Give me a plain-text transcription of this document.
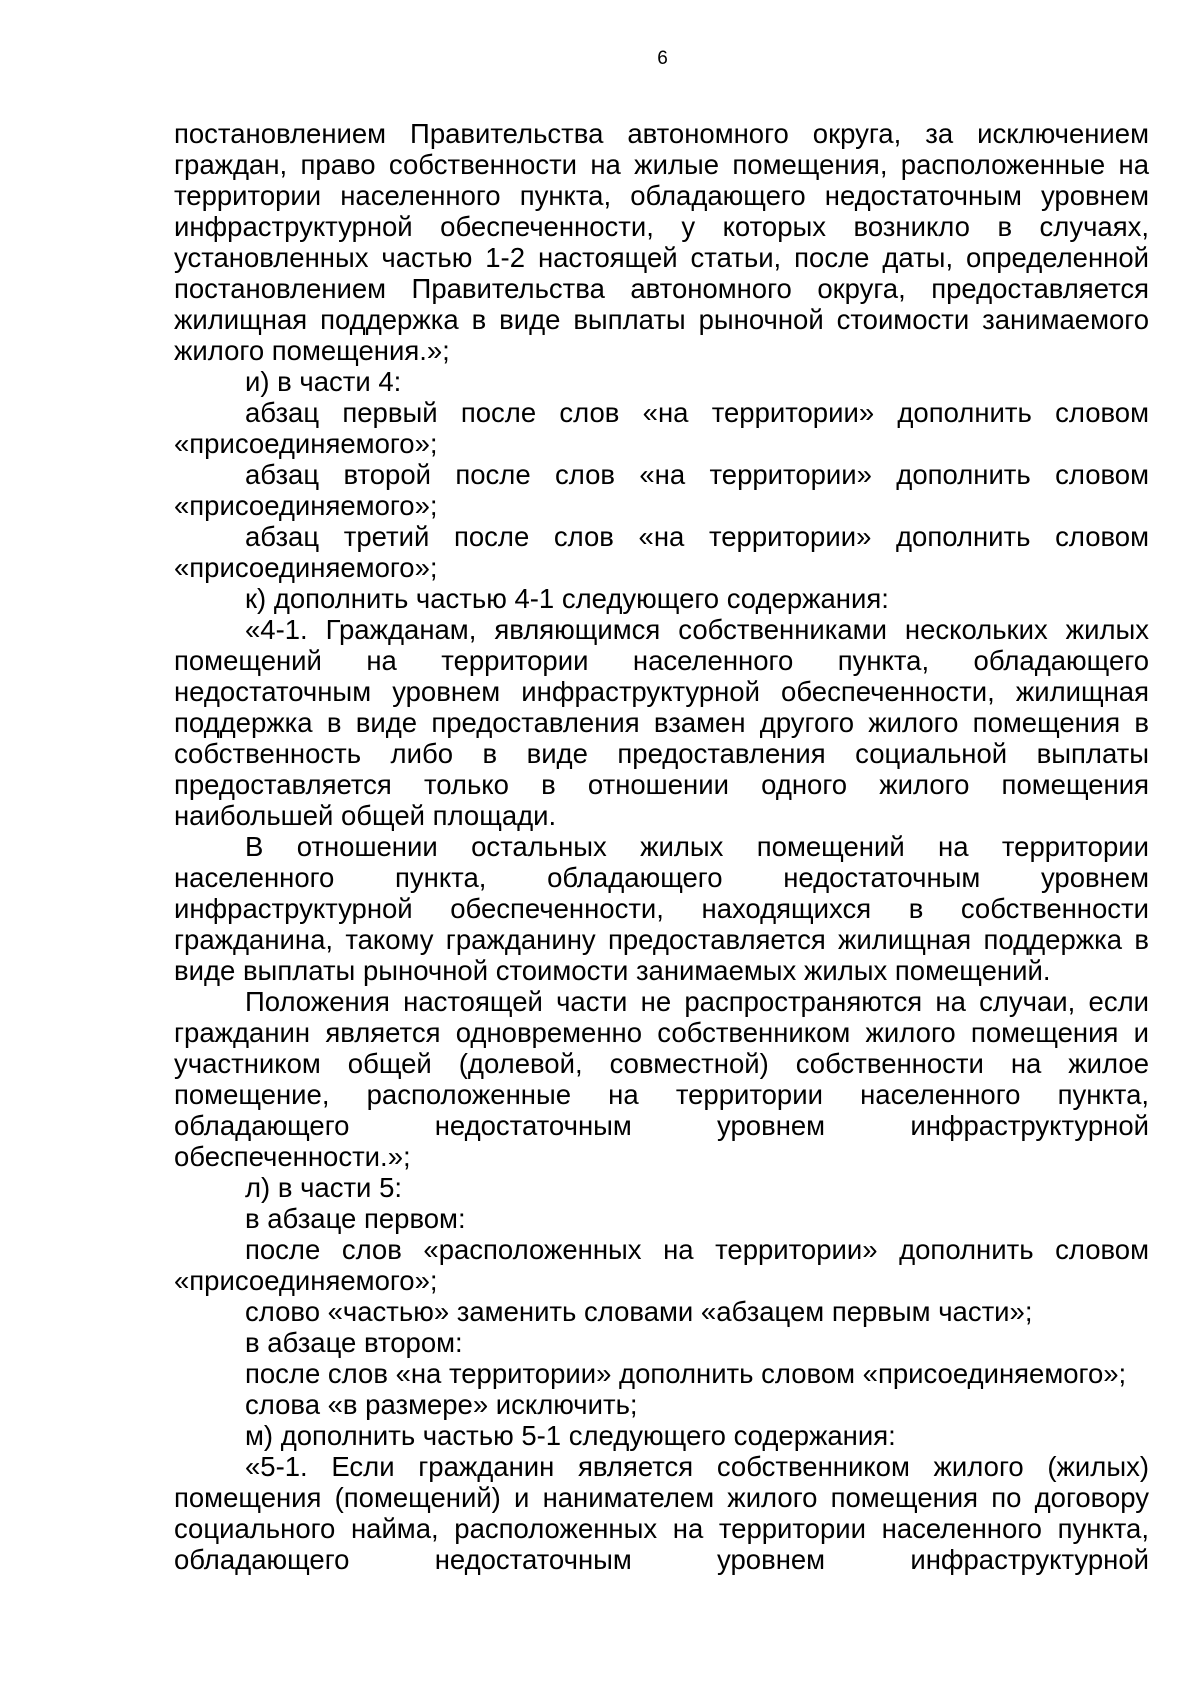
6

постановлением Правительства автономного округа, за исключением граждан, право собственности на жилые помещения, расположенные на территории населенного пункта, обладающего недостаточным уровнем инфраструктурной обеспеченности, у которых возникло в случаях, установленных частью 1-2 настоящей статьи, после даты, определенной постановлением Правительства автономного округа, предоставляется жилищная поддержка в виде выплаты рыночной стоимости занимаемого жилого помещения.»;

и) в части 4:

абзац первый после слов «на территории» дополнить словом «присоединяемого»;

абзац второй после слов «на территории» дополнить словом «присоединяемого»;

абзац третий после слов «на территории» дополнить словом «присоединяемого»;

к) дополнить частью 4-1 следующего содержания:

«4-1. Гражданам, являющимся собственниками нескольких жилых помещений на территории населенного пункта, обладающего недостаточным уровнем инфраструктурной обеспеченности, жилищная поддержка в виде предоставления взамен другого жилого помещения в собственность либо в виде предоставления социальной выплаты предоставляется только в отношении одного жилого помещения наибольшей общей площади.

В отношении остальных жилых помещений на территории населенного пункта, обладающего недостаточным уровнем инфраструктурной обеспеченности, находящихся в собственности гражданина, такому гражданину предоставляется жилищная поддержка в виде выплаты рыночной стоимости занимаемых жилых помещений.

Положения настоящей части не распространяются на случаи, если гражданин является одновременно собственником жилого помещения и участником общей (долевой, совместной) собственности на жилое помещение, расположенные на территории населенного пункта, обладающего недостаточным уровнем инфраструктурной обеспеченности.»;

л) в части 5:

в абзаце первом:

после слов «расположенных на территории» дополнить словом «присоединяемого»;

слово «частью» заменить словами «абзацем первым части»;

в абзаце втором:

после слов «на территории» дополнить словом «присоединяемого»;

слова «в размере» исключить;

м) дополнить частью 5-1 следующего содержания:

«5-1. Если гражданин является собственником жилого (жилых) помещения (помещений) и нанимателем жилого помещения по договору социального найма, расположенных на территории населенного пункта, обладающего недостаточным уровнем инфраструктурной
